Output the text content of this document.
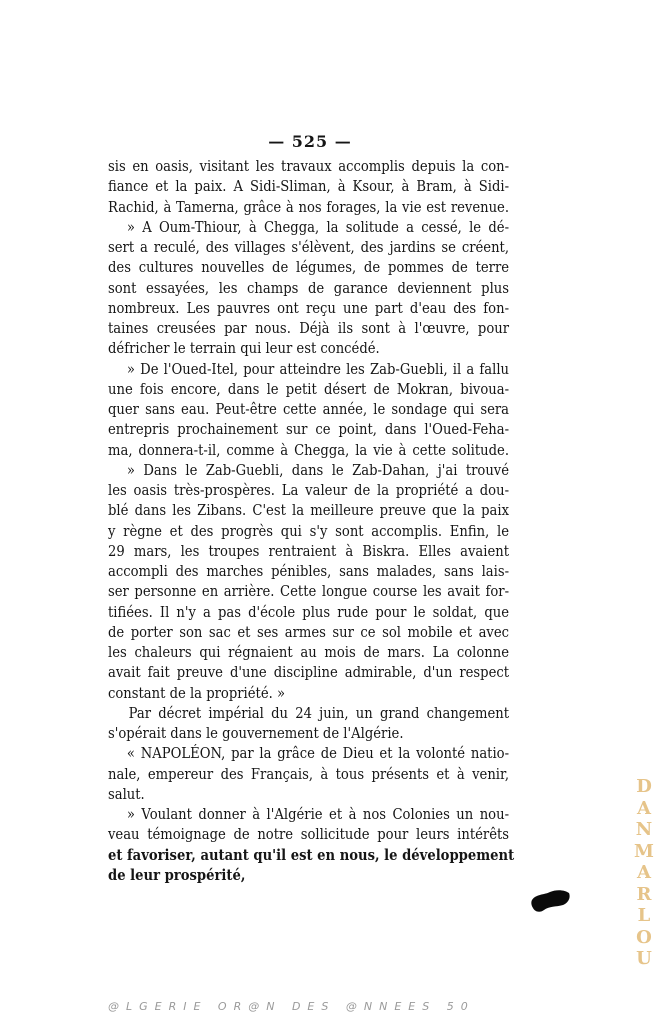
— 525 —
sis en oasis, visitant les travaux accomplis depuis la con-
fiance et la paix. A Sidi-Sliman, à Ksour, à Bram, à Sidi-
Rachid, à Tamerna, grâce à nos forages, la vie est revenue.
» A Oum-Thiour, à Chegga, la solitude a cessé, le dé-
sert a reculé, des villages s'élèvent, des jardins se créent,
des cultures nouvelles de légumes, de pommes de terre
sont essayées, les champs de garance deviennent plus
nombreux. Les pauvres ont reçu une part d'eau des fon-
taines creusées par nous. Déjà ils sont à l'œuvre, pour
défricher le terrain qui leur est concédé.
» De l'Oued-Itel, pour atteindre les Zab-Guebli, il a fallu
une fois encore, dans le petit désert de Mokran, bivoua-
quer sans eau. Peut-être cette année, le sondage qui sera
entrepris prochainement sur ce point, dans l'Oued-Feha-
ma, donnera-t-il, comme à Chegga, la vie à cette solitude.
» Dans le Zab-Guebli, dans le Zab-Dahan, j'ai trouvé
les oasis très-prospères. La valeur de la propriété a dou-
blé dans les Zibans. C'est la meilleure preuve que la paix
y règne et des progrès qui s'y sont accomplis. Enfin, le
29 mars, les troupes rentraient à Biskra. Elles avaient
accompli des marches pénibles, sans malades, sans lais-
ser personne en arrière. Cette longue course les avait for-
tifiées. Il n'y a pas d'école plus rude pour le soldat, que
de porter son sac et ses armes sur ce sol mobile et avec
les chaleurs qui régnaient au mois de mars. La colonne
avait fait preuve d'une discipline admirable, d'un respect
constant de la propriété. »
Par décret impérial du 24 juin, un grand changement
s'opérait dans le gouvernement de l'Algérie.
« NAPOLÉON, par la grâce de Dieu et la volonté natio-
nale, empereur des Français, à tous présents et à venir,
salut.
» Voulant donner à l'Algérie et à nos Colonies un nou-
veau témoignage de notre sollicitude pour leurs intérêts
et favoriser, autant qu'il est en nous, le développement
de leur prospérité,
D
A
N
M
A
R
L
O
U
@LGERIE OR@N DES @NNEES 50
